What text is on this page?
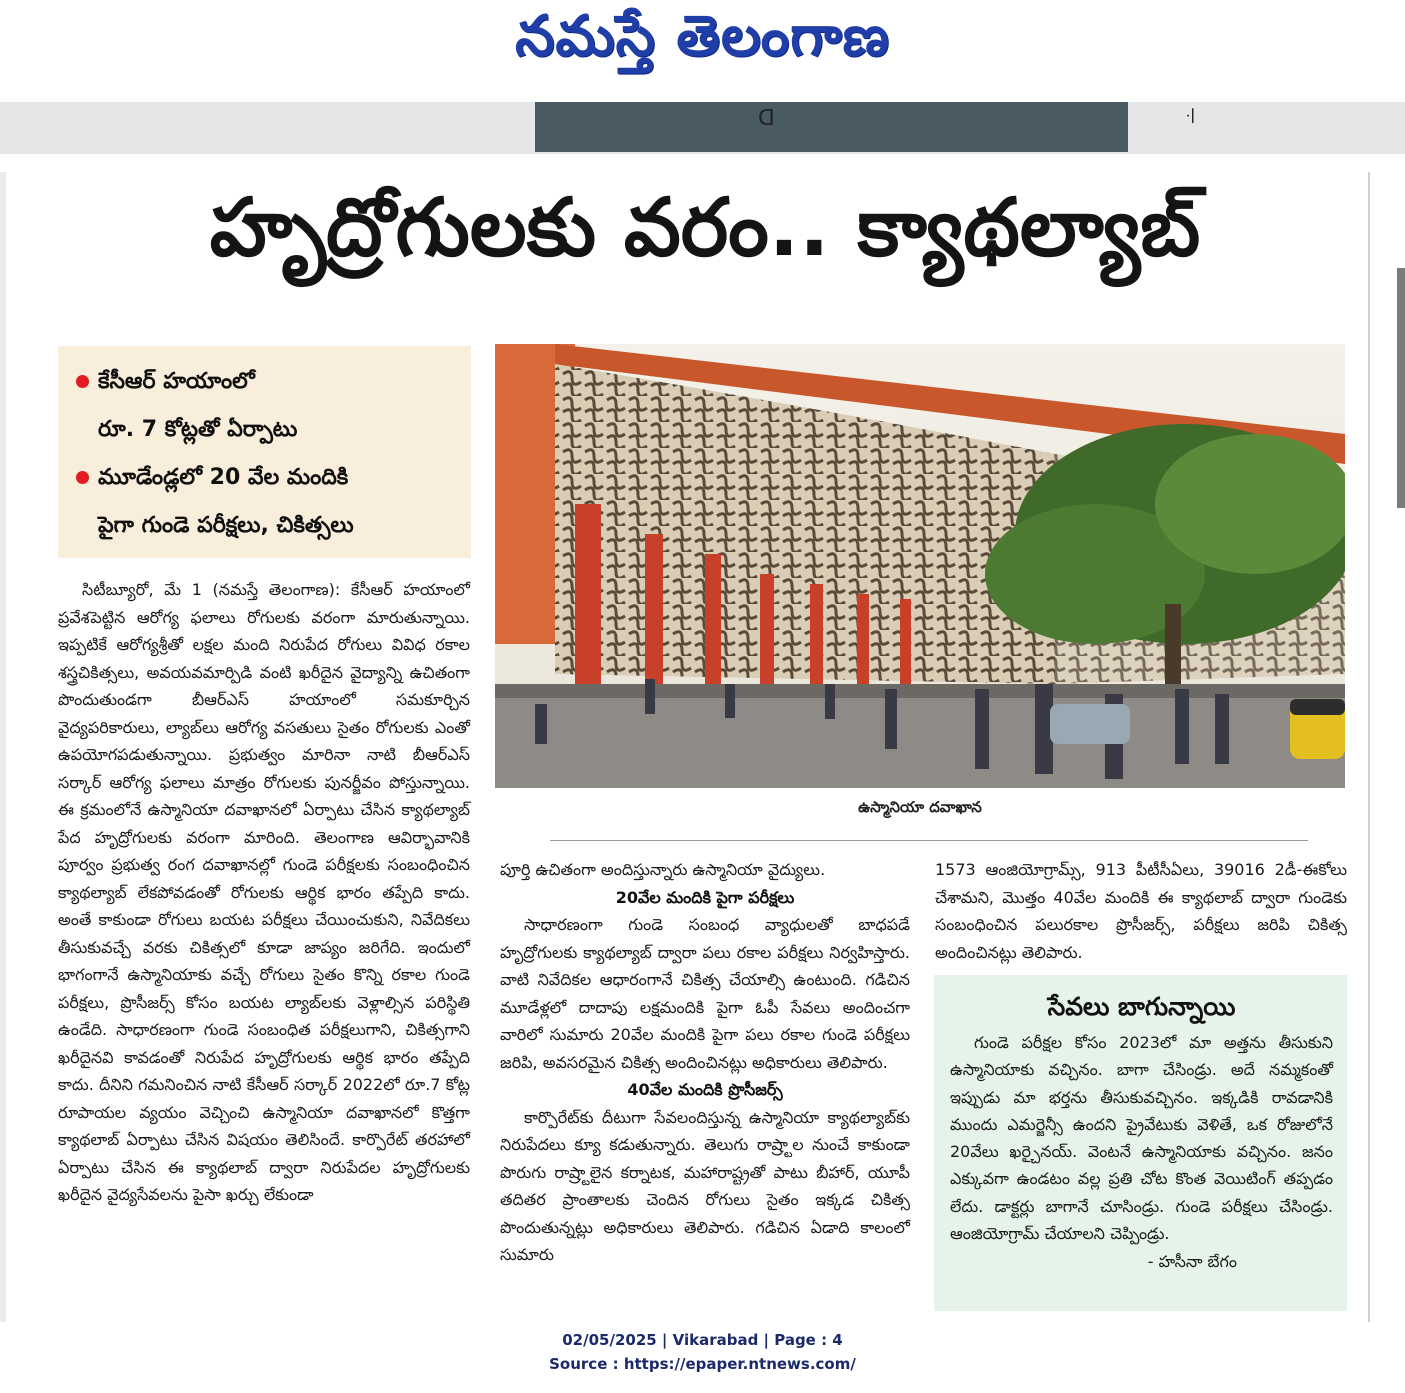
నమస్తే తెలంగాణ
ꓷ	꜊
హృద్రోగులకు వరం.. క్యాథల్యాబ్
కేసీఆర్ హయాంలో
రూ. 7 కోట్లతో ఏర్పాటు
మూడేండ్లలో 20 వేల మందికి
పైగా గుండె పరీక్షలు, చికిత్సలు
ఉస్మానియా దవాఖాన

సిటీబ్యూరో, మే 1 (నమస్తే తెలంగాణ): కేసీఆర్ హయాంలో ప్రవేశపెట్టిన ఆరోగ్య ఫలాలు రోగులకు వరంగా మారుతున్నాయి. ఇప్పటికే ఆరోగ్యశ్రీతో లక్షల మంది నిరుపేద రోగులు వివిధ రకాల శస్త్రచికిత్సలు, అవయవమార్పిడి వంటి ఖరీదైన వైద్యాన్ని ఉచితంగా పొందుతుండగా బీఆర్ఎస్ హయాంలో సమకూర్చిన వైద్యపరికారులు, ల్యాబ్‌లు ఆరోగ్య వసతులు సైతం రోగులకు ఎంతో ఉపయోగపడుతున్నాయి. ప్రభుత్వం మారినా నాటి బీఆర్ఎస్ సర్కార్ ఆరోగ్య ఫలాలు మాత్రం రోగులకు పునర్జీవం పోస్తున్నాయి. ఈ క్రమంలోనే ఉస్మానియా దవాఖానలో ఏర్పాటు చేసిన క్యాథల్యాబ్ పేద హృద్రోగులకు వరంగా మారింది. తెలంగాణ ఆవిర్భావానికి పూర్వం ప్రభుత్వ రంగ దవాఖానల్లో గుండె పరీక్షలకు సంబంధించిన క్యాథల్యాబ్ లేకపోవడంతో రోగులకు ఆర్థిక భారం తప్పేది కాదు. అంతే కాకుండా రోగులు బయట పరీక్షలు చేయించుకుని, నివేదికలు తీసుకువచ్చే వరకు చికిత్సలో కూడా జాప్యం జరిగేది. ఇందులో భాగంగానే ఉస్మానియాకు వచ్చే రోగులు సైతం కొన్ని రకాల గుండె పరీక్షలు, ప్రొసీజర్స్ కోసం బయట ల్యాబ్‌లకు వెళ్లాల్సిన పరిస్థితి ఉండేది. సాధారణంగా గుండె సంబంధిత పరీక్షలుగాని, చికిత్సగాని ఖరీదైనవి కావడంతో నిరుపేద హృద్రోగులకు ఆర్థిక భారం తప్పేది కాదు. దీనిని గమనించిన నాటి కేసీఆర్ సర్కార్ 2022లో రూ.7 కోట్ల రూపాయల వ్యయం వెచ్చించి ఉస్మానియా దవాఖానలో కొత్తగా క్యాథలాబ్ ఏర్పాటు చేసిన విషయం తెలిసిందే. కార్పొరేట్ తరహాలో ఏర్పాటు చేసిన ఈ క్యాథలాబ్ ద్వారా నిరుపేదల హృద్రోగులకు ఖరీదైన వైద్యసేవలను పైసా ఖర్చు లేకుండా

పూర్తి ఉచితంగా అందిస్తున్నారు ఉస్మానియా వైద్యులు.

20వేల మందికి పైగా పరీక్షలు

సాధారణంగా గుండె సంబంధ వ్యాధులతో బాధపడే హృద్రోగులకు క్యాథల్యాబ్ ద్వారా పలు రకాల పరీక్షలు నిర్వహిస్తారు. వాటి నివేదికల ఆధారంగానే చికిత్స చేయాల్సి ఉంటుంది. గడిచిన మూడేళ్లలో దాదాపు లక్షమందికి పైగా ఓపీ సేవలు అందించగా వారిలో సుమారు 20వేల మందికి పైగా పలు రకాల గుండె పరీక్షలు జరిపి, అవసరమైన చికిత్స అందించినట్లు అధికారులు తెలిపారు.

40వేల మందికి ప్రొసీజర్స్

కార్పొరేట్‌కు దీటుగా సేవలందిస్తున్న ఉస్మానియా క్యాథల్యాబ్‌కు నిరుపేదలు క్యూ కడుతున్నారు. తెలుగు రాష్ర్టాల నుంచే కాకుండా పొరుగు రాష్ర్టాలైన కర్నాటక, మహారాష్ట్రతో పాటు బీహార్, యూపీ తదితర ప్రాంతాలకు చెందిన రోగులు సైతం ఇక్కడ చికిత్స పొందుతున్నట్లు అధికారులు తెలిపారు. గడిచిన ఏడాది కాలంలో సుమారు

1573 ఆంజియోగ్రామ్స్, 913 పీటీసీఏలు, 39016 2డీ-ఈకోలు చేశామని, మొత్తం 40వేల మందికి ఈ క్యాథలాబ్ ద్వారా గుండెకు సంబంధించిన పలురకాల ప్రొసీజర్స్, పరీక్షలు జరిపి చికిత్స అందించినట్లు తెలిపారు.

సేవలు బాగున్నాయి

గుండె పరీక్షల కోసం 2023లో మా అత్తను తీసుకుని ఉస్మానియాకు వచ్చినం. బాగా చేసిండ్రు. అదే నమ్మకంతో ఇప్పుడు మా భర్తను తీసుకువచ్చినం. ఇక్కడికి రావడానికి ముందు ఎమర్జెన్సీ ఉందని ప్రైవేటుకు వెళితే, ఒక రోజులోనే 20వేలు ఖర్చైనయ్. వెంటనే ఉస్మానియాకు వచ్చినం. జనం ఎక్కువగా ఉండటం వల్ల ప్రతి చోట కొంత వెయిటింగ్ తప్పడం లేదు. డాక్టర్లు బాగానే చూసిండ్రు. గుండె పరీక్షలు చేసిండ్రు. ఆంజియోగ్రామ్ చేయాలని చెప్పిండ్రు.

- హసీనా బేగం
02/05/2025 | Vikarabad | Page : 4
Source : https://epaper.ntnews.com/
